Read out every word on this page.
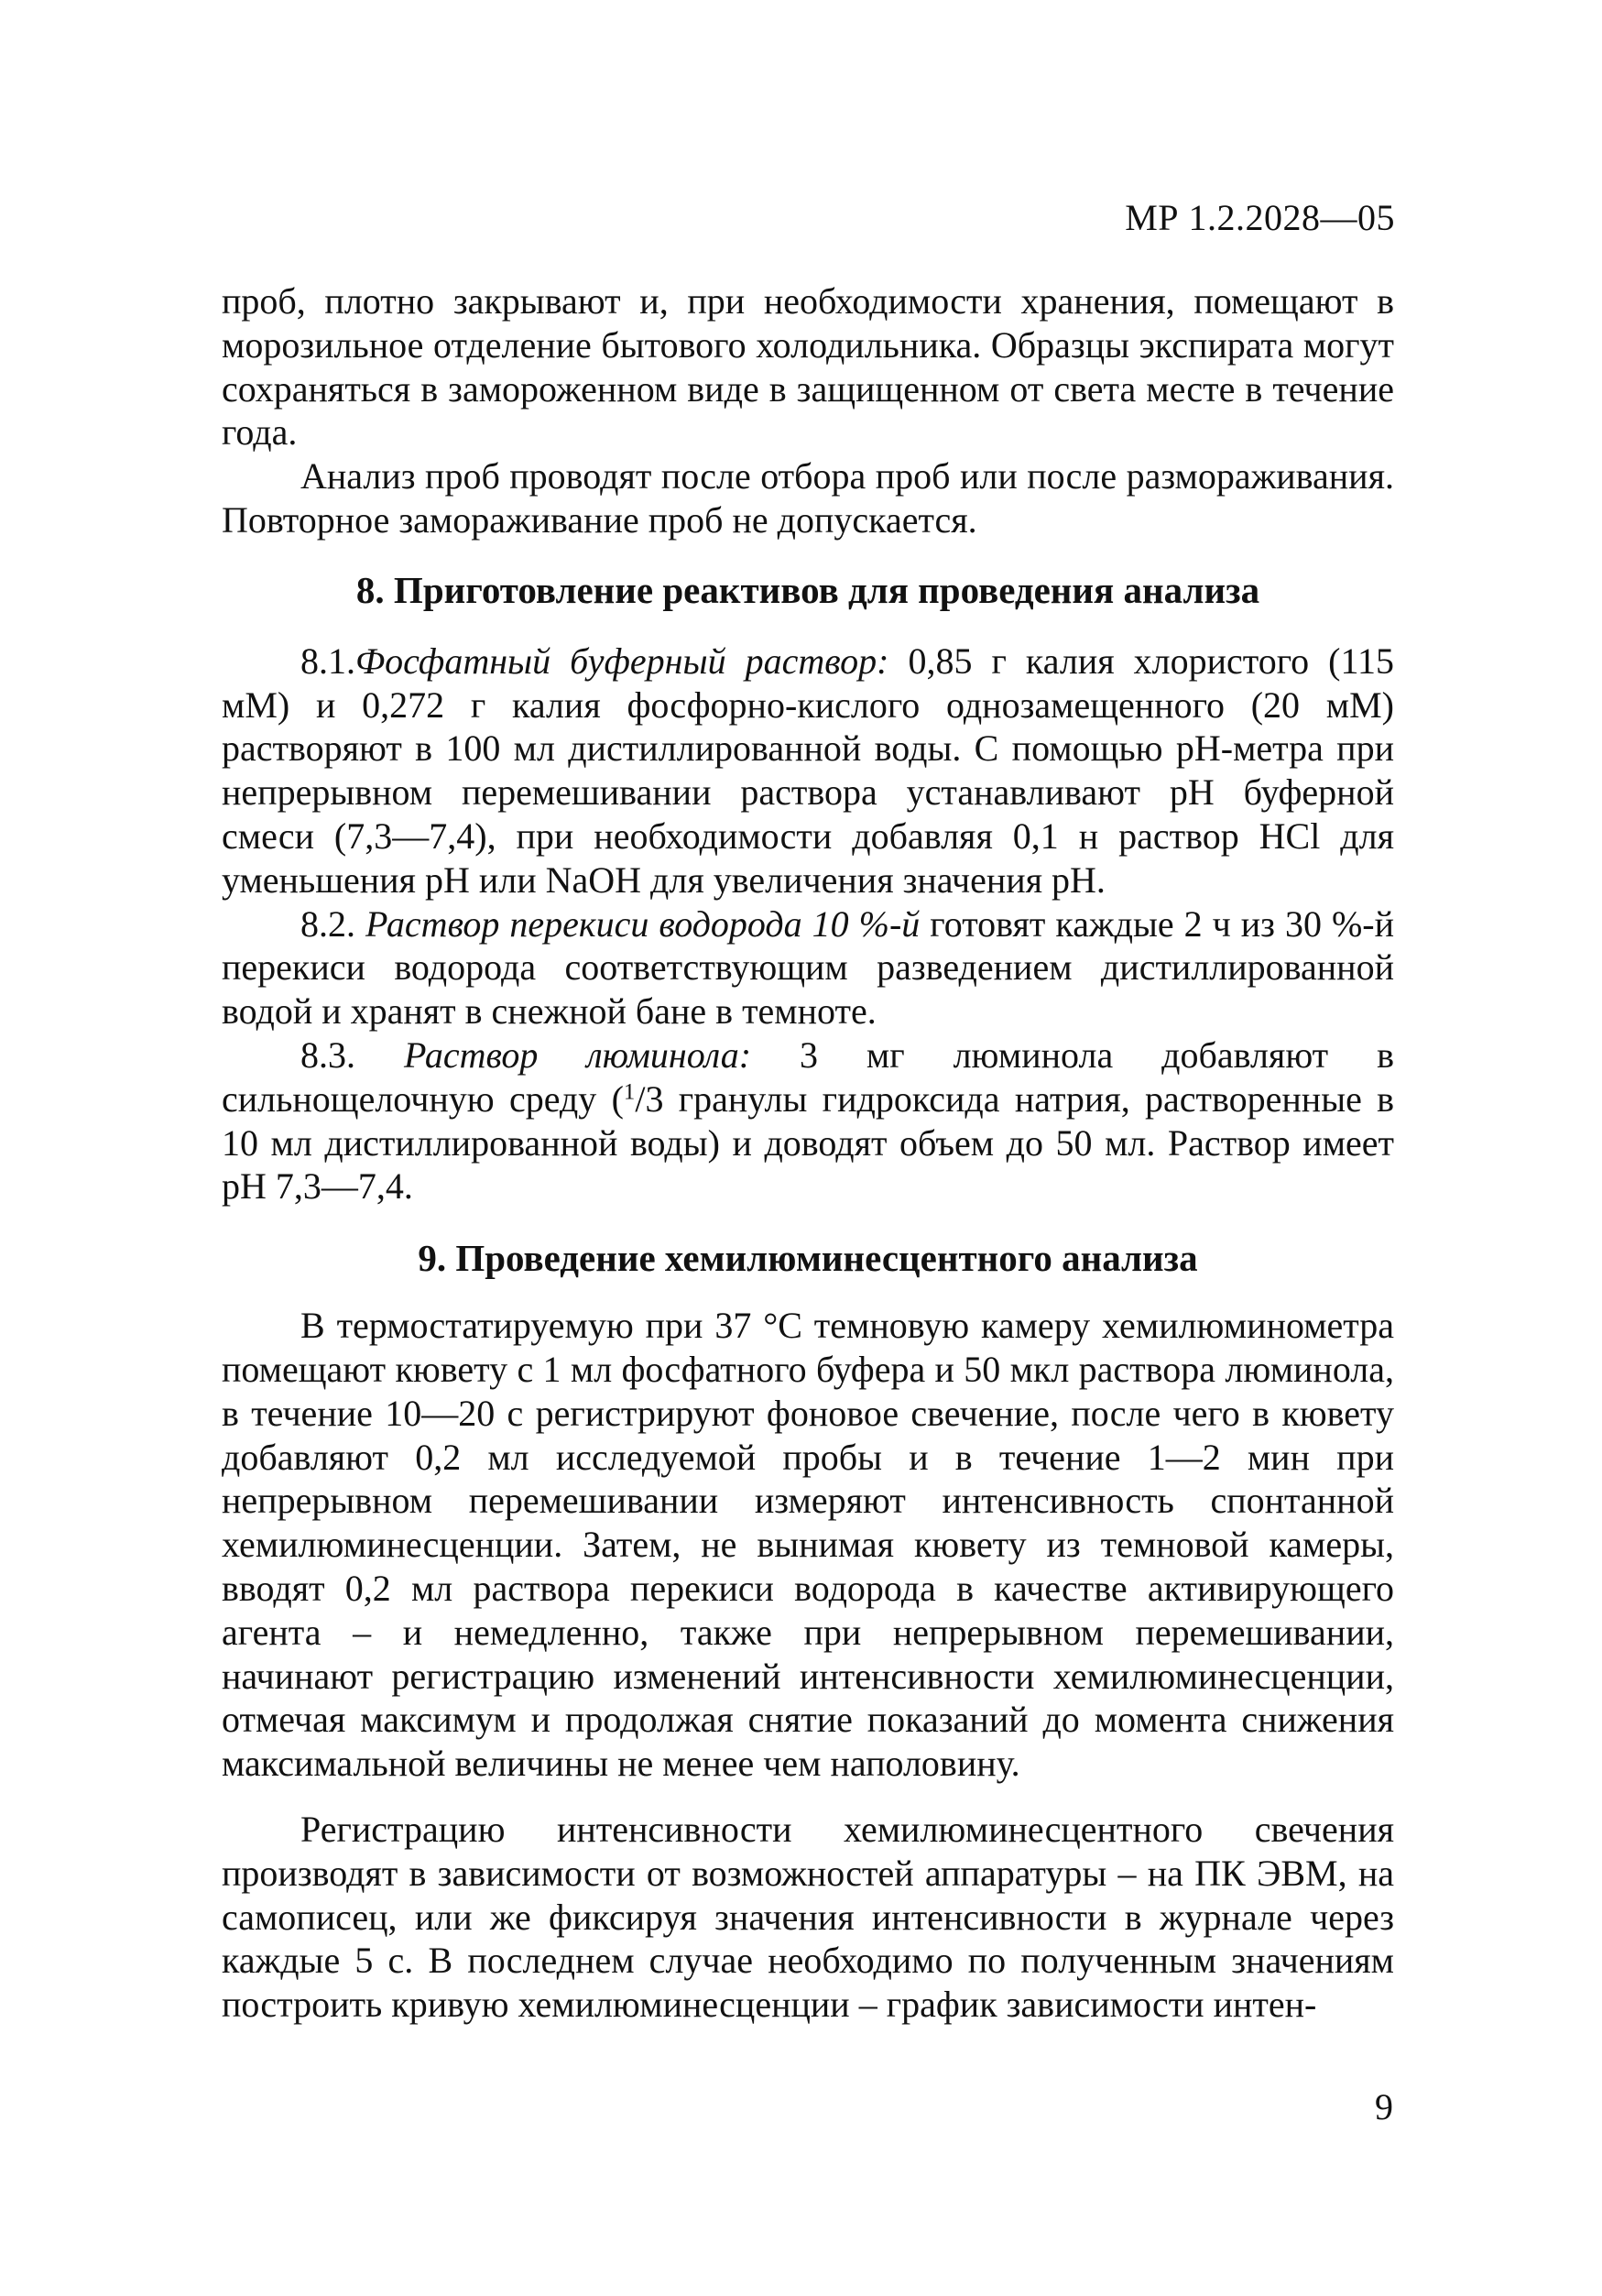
МР 1.2.2028—05

проб, плотно закрывают и, при необходимости хранения, помещают в морозильное отделение бытового холодильника. Образцы экспирата могут сохраняться в замороженном виде в защищенном от света месте в течение года.

Анализ проб проводят после отбора проб или после размораживания. Повторное замораживание проб не допускается.

8. Приготовление реактивов для проведения анализа

8.1.Фосфатный буферный раствор: 0,85 г калия хлористого (115 мМ) и 0,272 г калия фосфорно-кислого однозамещенного (20 мМ) растворяют в 100 мл дистиллированной воды. С помощью pH-метра при непрерывном перемешивании раствора устанавливают pH буферной смеси (7,3—7,4), при необходимости добавляя 0,1 н раствор HCl для уменьшения pH или NaOH для увеличения значения pH.

8.2. Раствор перекиси водорода 10 %-й готовят каждые 2 ч из 30 %-й перекиси водорода соответствующим разведением дистиллированной водой и хранят в снежной бане в темноте.

8.3. Раствор люминола: 3 мг люминола добавляют в сильнощелочную среду ($^1$/3 гранулы гидроксида натрия, растворенные в 10 мл дистиллированной воды) и доводят объем до 50 мл. Раствор имеет pH 7,3—7,4.

9. Проведение хемилюминесцентного анализа

В термостатируемую при 37 °С темновую камеру хемилюминометра помещают кювету с 1 мл фосфатного буфера и 50 мкл раствора люминола, в течение 10—20 с регистрируют фоновое свечение, после чего в кювету добавляют 0,2 мл исследуемой пробы и в течение 1—2 мин при непрерывном перемешивании измеряют интенсивность спонтанной хемилюминесценции. Затем, не вынимая кювету из темновой камеры, вводят 0,2 мл раствора перекиси водорода в качестве активирующего агента – и немедленно, также при непрерывном перемешивании, начинают регистрацию изменений интенсивности хемилюминесценции, отмечая максимум и продолжая снятие показаний до момента снижения максимальной величины не менее чем наполовину.

Регистрацию интенсивности хемилюминесцентного свечения производят в зависимости от возможностей аппаратуры – на ПК ЭВМ, на самописец, или же фиксируя значения интенсивности в журнале через каждые 5 с. В последнем случае необходимо по полученным значениям построить кривую хемилюминесценции – график зависимости интен-

9
